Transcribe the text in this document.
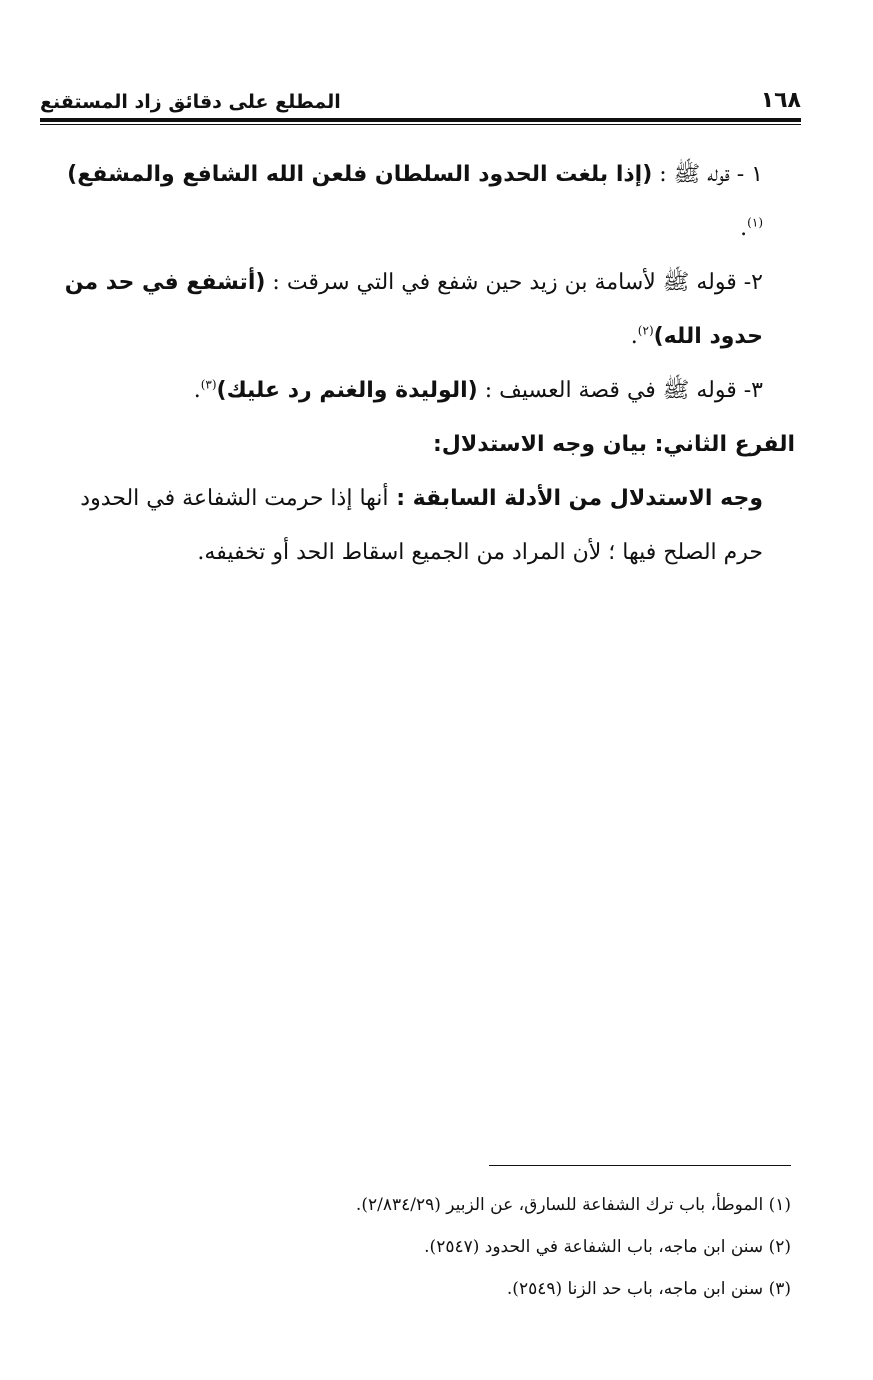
١٦٨
المطلع على دقائق زاد المستقنع

١ - قوله ﷺ : (إذا بلغت الحدود السلطان فلعن الله الشافع والمشفع)$^{(١)}$.

٢- قوله ﷺ لأسامة بن زيد حين شفع في التي سرقت : (أتشفع في حد من حدود الله)$^{(٢)}$.

٣- قوله ﷺ في قصة العسيف : (الوليدة والغنم رد عليك)$^{(٣)}$.

الفرع الثاني: بيان وجه الاستدلال:

وجه الاستدلال من الأدلة السابقة : أنها إذا حرمت الشفاعة في الحدود حرم الصلح فيها ؛ لأن المراد من الجميع اسقاط الحد أو تخفيفه.

(١) الموطأ، باب ترك الشفاعة للسارق، عن الزبير (٢/٨٣٤/٢٩).

(٢) سنن ابن ماجه، باب الشفاعة في الحدود (٢٥٤٧).

(٣) سنن ابن ماجه، باب حد الزنا (٢٥٤٩).
